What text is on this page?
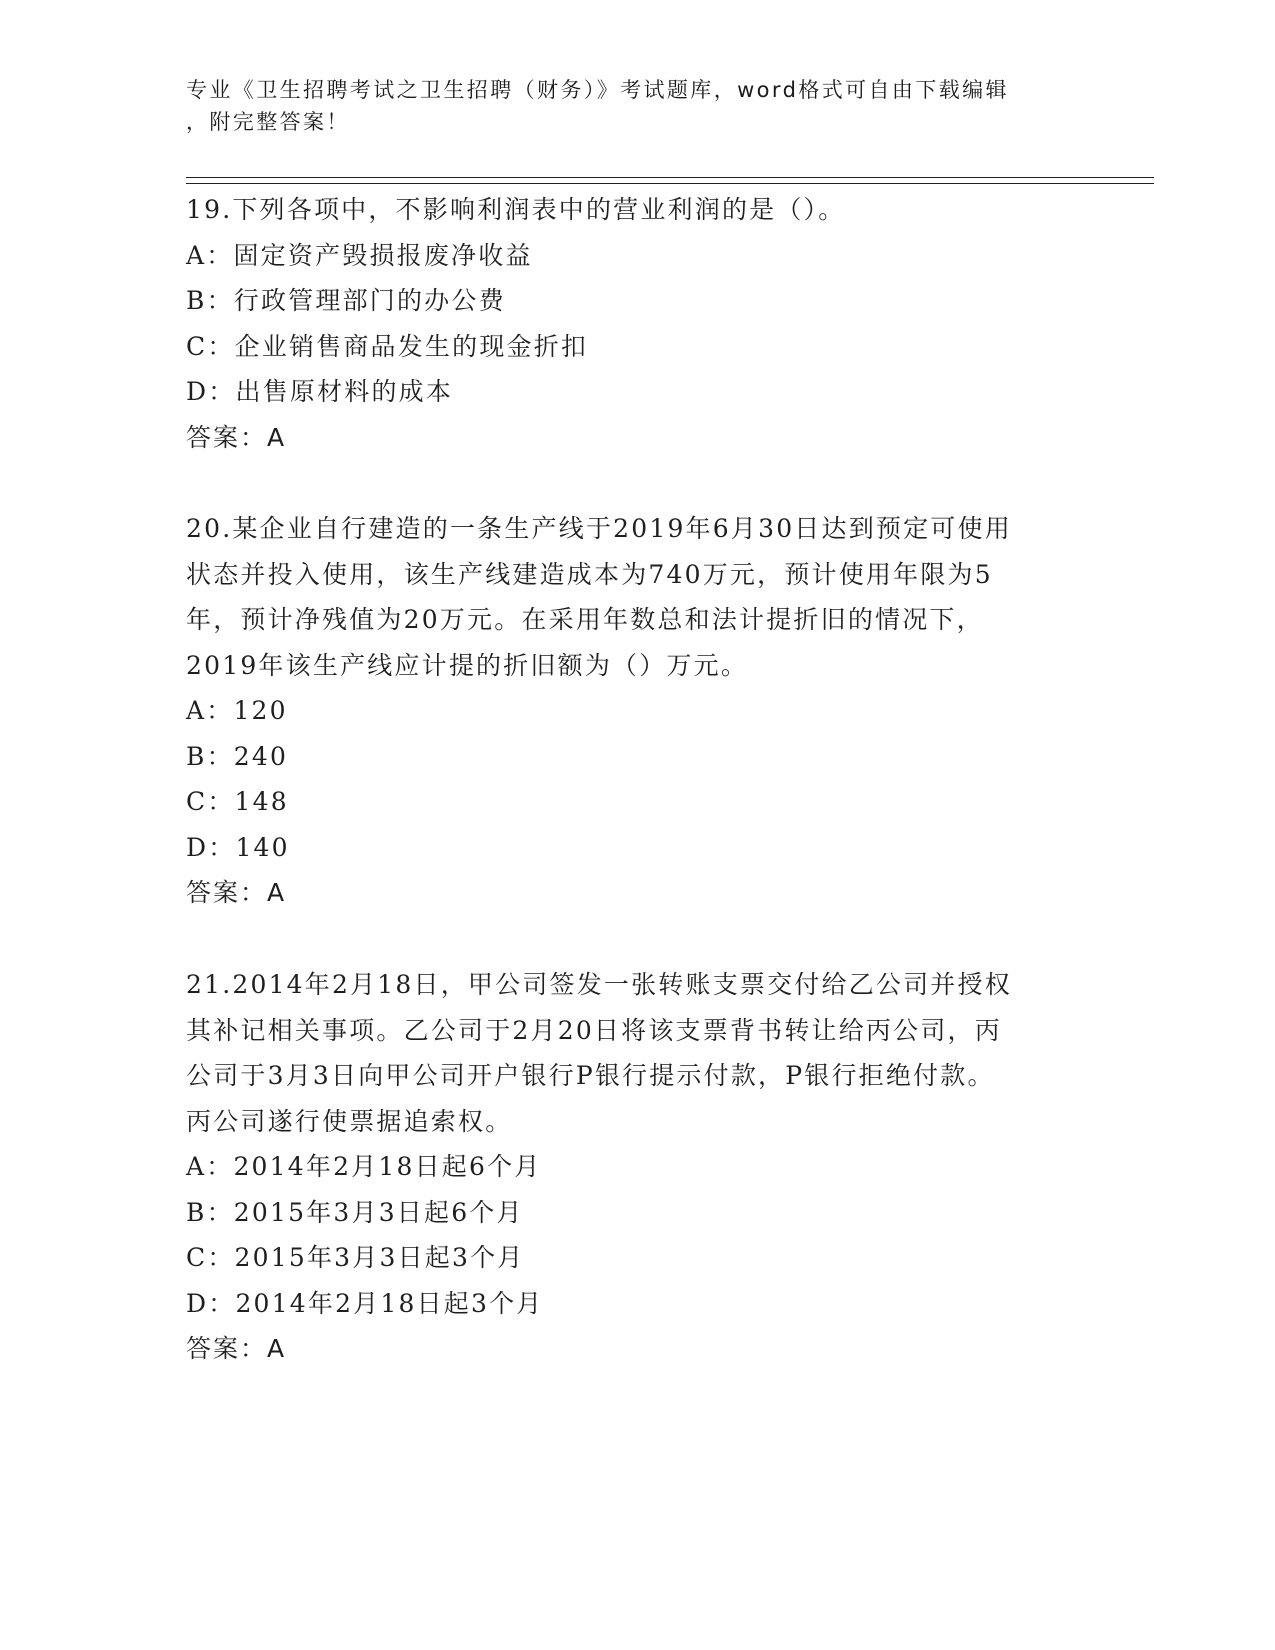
专业《卫生招聘考试之卫生招聘（财务）》考试题库，word格式可自由下载编辑
，附完整答案！
19.下列各项中，不影响利润表中的营业利润的是（）。
A：固定资产毁损报废净收益
B：行政管理部门的办公费
C：企业销售商品发生的现金折扣
D：出售原材料的成本
答案：A
20.某企业自行建造的一条生产线于2019年6月30日达到预定可使用
状态并投入使用，该生产线建造成本为740万元，预计使用年限为5
年，预计净残值为20万元。在采用年数总和法计提折旧的情况下，
2019年该生产线应计提的折旧额为（）万元。
A：120
B：240
C：148
D：140
答案：A
21.2014年2月18日，甲公司签发一张转账支票交付给乙公司并授权
其补记相关事项。乙公司于2月20日将该支票背书转让给丙公司，丙
公司于3月3日向甲公司开户银行P银行提示付款，P银行拒绝付款。
丙公司遂行使票据追索权。
A：2014年2月18日起6个月
B：2015年3月3日起6个月
C：2015年3月3日起3个月
D：2014年2月18日起3个月
答案：A
